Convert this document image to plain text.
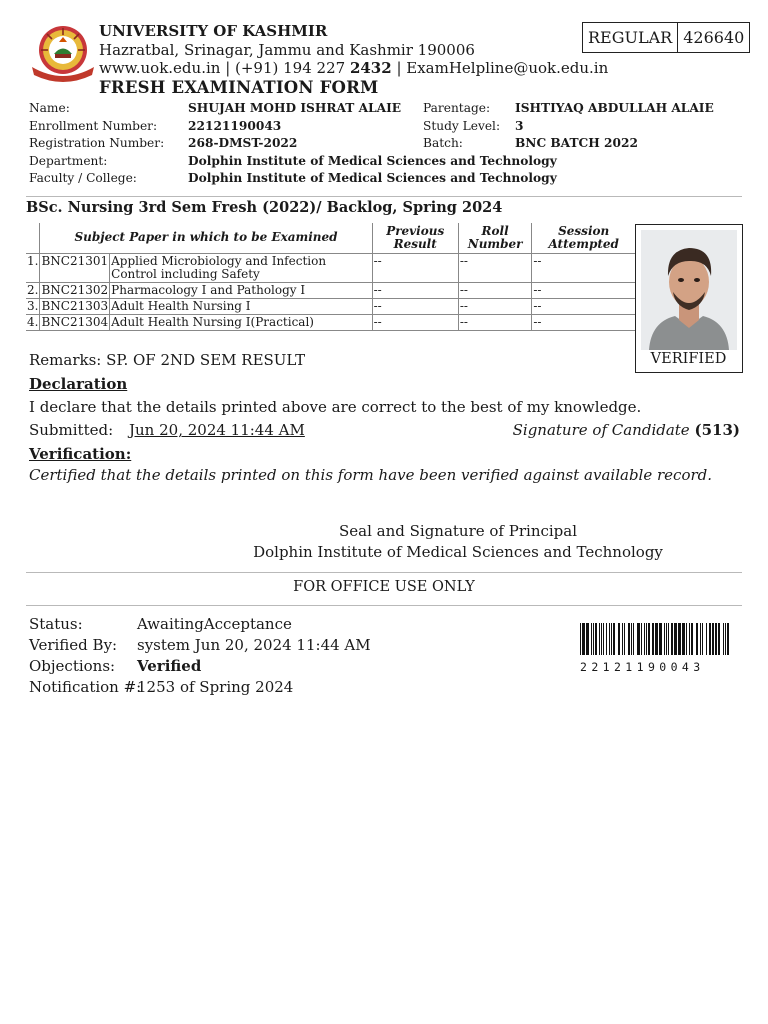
UNIVERSITY OF KASHMIR
Hazratbal, Srinagar, Jammu and Kashmir 190006
www.uok.edu.in | (+91) 194 227 2432 | ExamHelpline@uok.edu.in
FRESH EXAMINATION FORM
REGULAR 426640
Name:	SHUJAH MOHD ISHRAT ALAIE Parentage: ISHTIYAQ ABDULLAH ALAIE
Enrollment Number:	22121190043	Study Level: 3
Registration Number: 268-DMST-2022	Batch:	BNC BATCH 2022
Department:	Dolphin Institute of Medical Sciences and Technology
Faculty / College:	Dolphin Institute of Medical Sciences and Technology
BSc. Nursing 3rd Sem Fresh (2022)/ Backlog, Spring 2024
	Subject Paper in which to be Examined		Previous Result	Roll Number	Session Attempted
1.	BNC21301	Applied Microbiology and Infection Control including Safety	--	--	--
2.	BNC21302	Pharmacology I and Pathology I	--	--	--
3.	BNC21303	Adult Health Nursing I	--	--	--
4.	BNC21304	Adult Health Nursing I(Practical)	--	--	--
VERIFIED
Remarks: SP. OF 2ND SEM RESULT
Declaration
I declare that the details printed above are correct to the best of my knowledge.
Submitted: Jun 20, 2024 11:44 AM	Signature of Candidate (513)
Verification:
Certified that the details printed on this form have been verified against available record.
Seal and Signature of Principal
Dolphin Institute of Medical Sciences and Technology
FOR OFFICE USE ONLY
Status:	AwaitingAcceptance
Verified By: system Jun 20, 2024 11:44 AM
Objections: Verified
Notification #:
1253 of Spring 2024
22121190043
